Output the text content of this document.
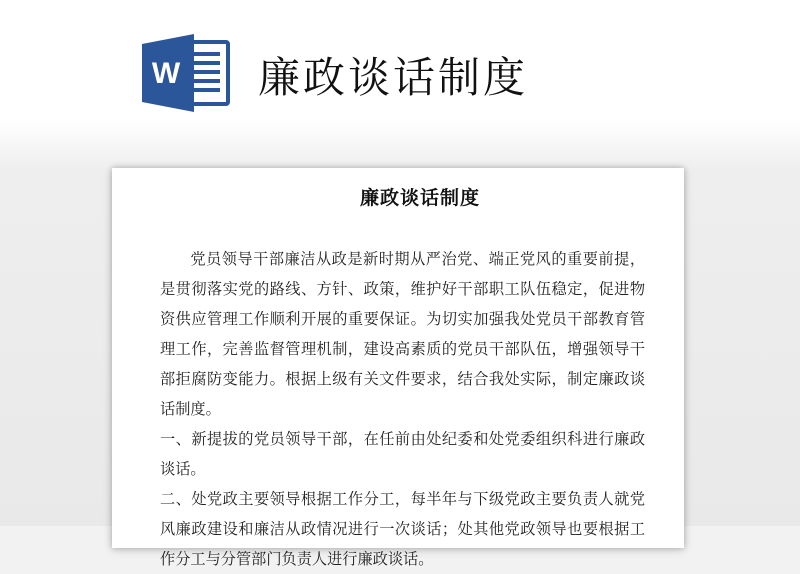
W 廉政谈话制度
廉政谈话制度

党员领导干部廉洁从政是新时期从严治党、端正党风的重要前提，是贯彻落实党的路线、方针、政策，维护好干部职工队伍稳定，促进物资供应管理工作顺利开展的重要保证。为切实加强我处党员干部教育管理工作，完善监督管理机制，建设高素质的党员干部队伍，增强领导干部拒腐防变能力。根据上级有关文件要求，结合我处实际，制定廉政谈话制度。

一、新提拔的党员领导干部，在任前由处纪委和处党委组织科进行廉政谈话。

二、处党政主要领导根据工作分工，每半年与下级党政主要负责人就党风廉政建设和廉洁从政情况进行一次谈话；处其他党政领导也要根据工作分工与分管部门负责人进行廉政谈话。
